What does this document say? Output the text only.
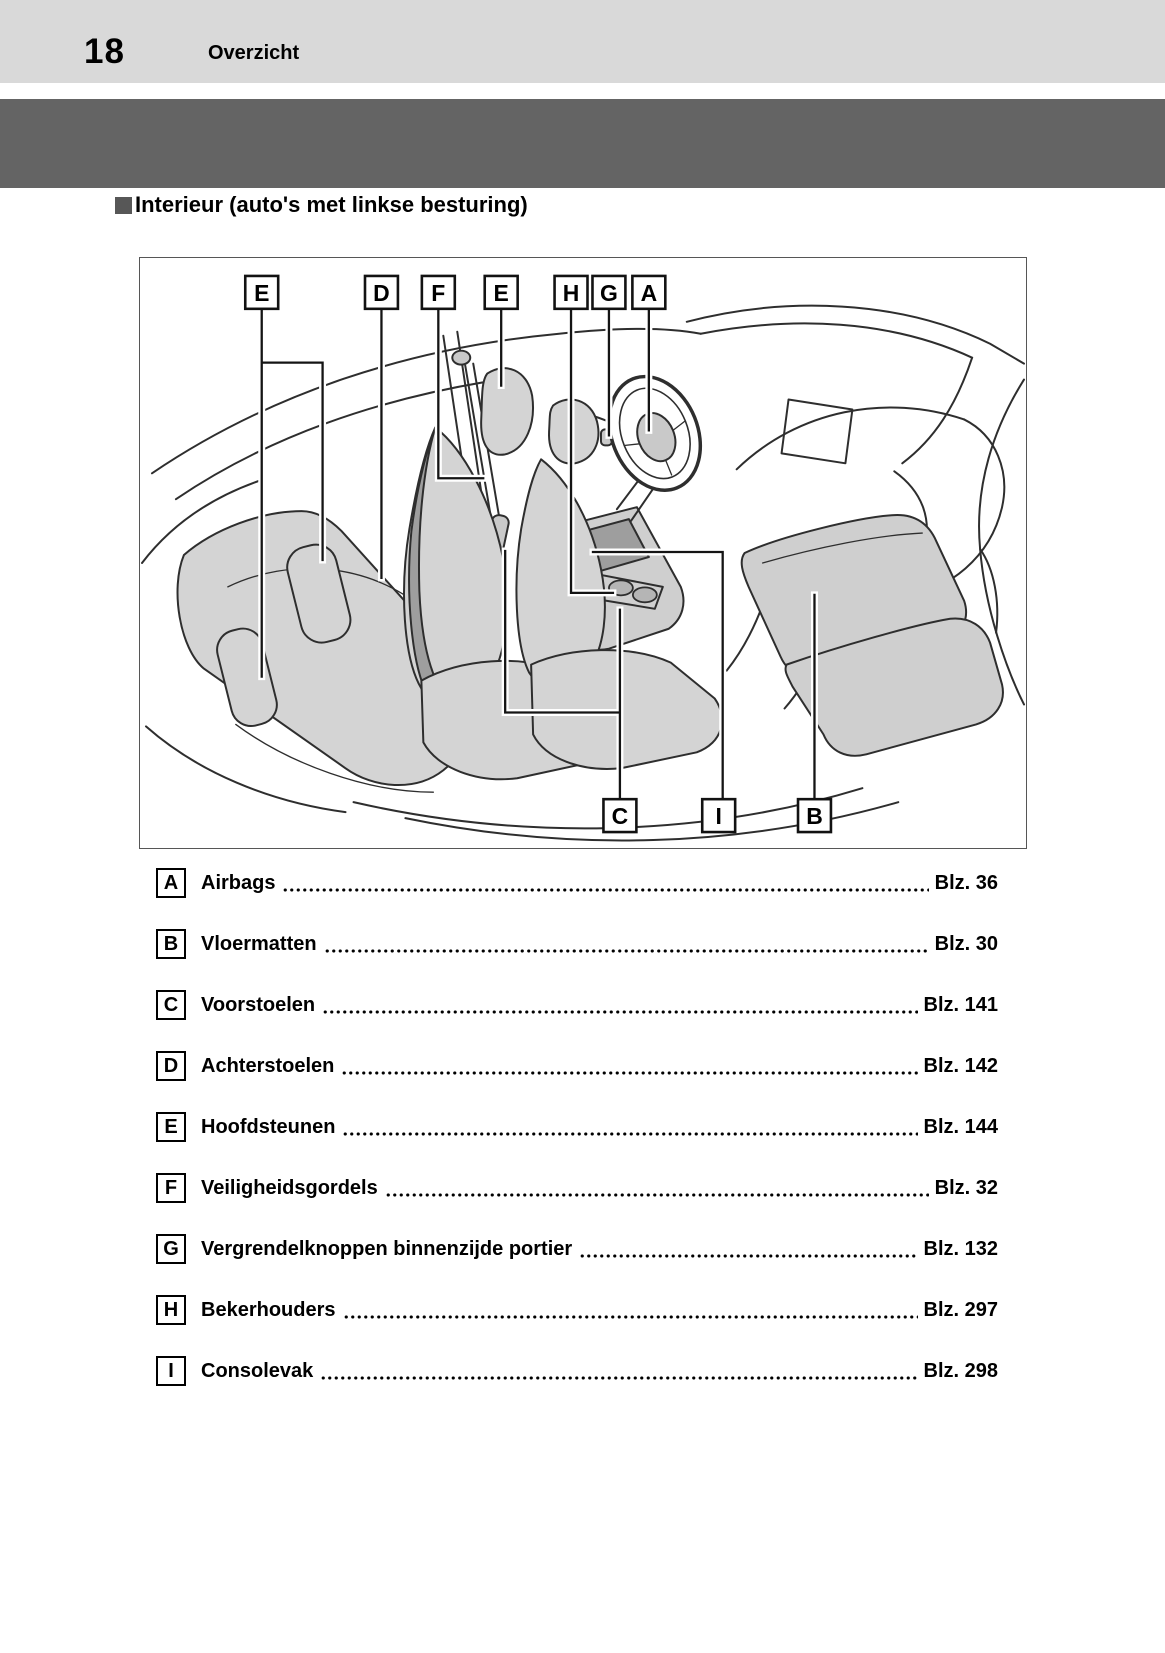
18	Overzicht
Interieur (auto's met linkse besturing)
E	D F E H G A
C	I	B
A	Airbags	Blz. 36
B	Vloermatten	Blz. 30
C	Voorstoelen	Blz. 141
D	Achterstoelen	Blz. 142
E	Hoofdsteunen	Blz. 144
F	Veiligheidsgordels	Blz. 32
G	Vergrendelknoppen binnenzijde portier	Blz. 132
H	Bekerhouders	Blz. 297
I	Consolevak	Blz. 298
